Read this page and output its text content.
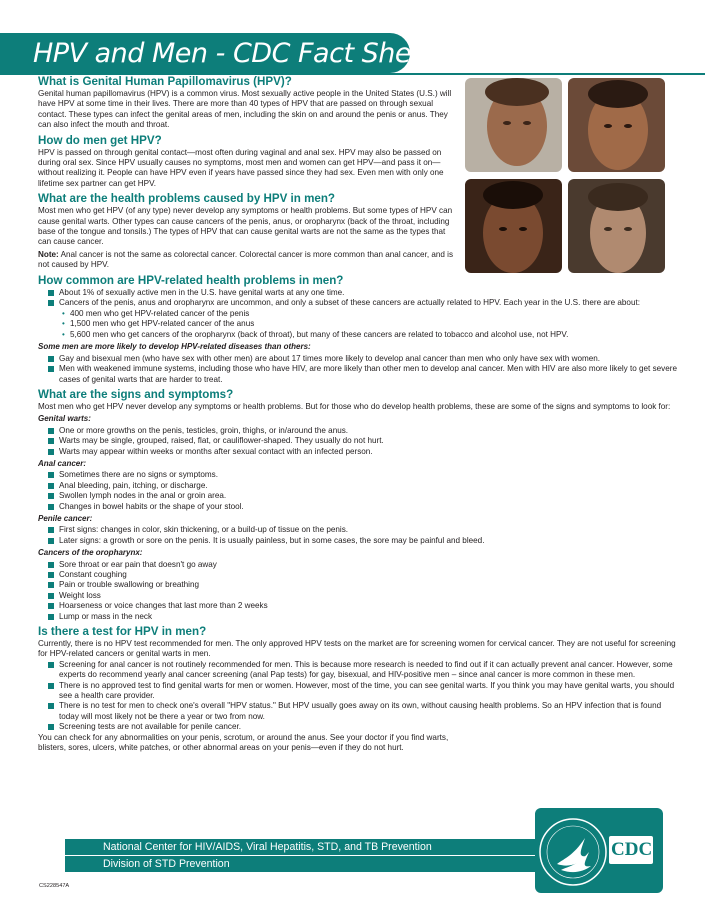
HPV and Men - CDC Fact Sheet
What is Genital Human Papillomavirus (HPV)?

Genital human papillomavirus (HPV) is a common virus. Most sexually active people in the United States (U.S.) will have HPV at some time in their lives. There are more than 40 types of HPV that are passed on through sexual contact. These types can infect the genital areas of men, including the skin on and around the penis or anus. They can also infect the mouth and throat.

How do men get HPV?

HPV is passed on through genital contact—most often during vaginal and anal sex. HPV may also be passed on during oral sex. Since HPV usually causes no symptoms, most men and women can get HPV—and pass it on—without realizing it. People can have HPV even if years have passed since they had sex. Even men with only one lifetime sex partner can get HPV.

What are the health problems caused by HPV in men?

Most men who get HPV (of any type) never develop any symptoms or health problems. But some types of HPV can cause genital warts. Other types can cause cancers of the penis, anus, or oropharynx (back of the throat, including base of the tongue and tonsils.) The types of HPV that can cause genital warts are not the same as the types that can cause cancer.

Note: Anal cancer is not the same as colorectal cancer. Colorectal cancer is more common than anal cancer, and is not caused by HPV.

How common are HPV-related health problems in men?
About 1% of sexually active men in the U.S. have genital warts at any one time.
Cancers of the penis, anus and oropharynx are uncommon, and only a subset of these cancers are actually related to HPV. Each year in the U.S. there are about:
• 400 men who get HPV-related cancer of the penis
• 1,500 men who get HPV-related cancer of the anus
• 5,600 men who get cancers of the oropharynx (back of throat), but many of these cancers are related to tobacco and alcohol use, not HPV.
Some men are more likely to develop HPV-related diseases than others:
Gay and bisexual men (who have sex with other men) are about 17 times more likely to develop anal cancer than men who only have sex with women.
Men with weakened immune systems, including those who have HIV, are more likely than other men to develop anal cancer. Men with HIV are also more likely to get severe cases of genital warts that are harder to treat.
What are the signs and symptoms?

Most men who get HPV never develop any symptoms or health problems. But for those who do develop health problems, these are some of the signs and symptoms to look for:

Genital warts:
One or more growths on the penis, testicles, groin, thighs, or in/around the anus.
Warts may be single, grouped, raised, flat, or cauliflower-shaped. They usually do not hurt.
Warts may appear within weeks or months after sexual contact with an infected person.
Anal cancer:
Sometimes there are no signs or symptoms.
Anal bleeding, pain, itching, or discharge.
Swollen lymph nodes in the anal or groin area.
Changes in bowel habits or the shape of your stool.
Penile cancer:
First signs: changes in color, skin thickening, or a build-up of tissue on the penis.
Later signs: a growth or sore on the penis. It is usually painless, but in some cases, the sore may be painful and bleed.
Cancers of the oropharynx:
Sore throat or ear pain that doesn't go away
Constant coughing
Pain or trouble swallowing or breathing
Weight loss
Hoarseness or voice changes that last more than 2 weeks
Lump or mass in the neck
Is there a test for HPV in men?

Currently, there is no HPV test recommended for men. The only approved HPV tests on the market are for screening women for cervical cancer. They are not useful for screening for HPV-related cancers or genital warts in men.

Screening for anal cancer is not routinely recommended for men. This is because more research is needed to find out if it can actually prevent anal cancer. However, some experts do recommend yearly anal cancer screening (anal Pap tests) for gay, bisexual, and HIV-positive men – since anal cancer is more common in these men.
There is no approved test to find genital warts for men or women. However, most of the time, you can see genital warts. If you think you may have genital warts, you should see a health care provider.
There is no test for men to check one's overall "HPV status." But HPV usually goes away on its own, without causing health problems. So an HPV infection that is found today will most likely not be there a year or two from now.
Screening tests are not available for penile cancer.

You can check for any abnormalities on your penis, scrotum, or around the anus. See your doctor if you find warts, blisters, sores, ulcers, white patches, or other abnormal areas on your penis—even if they do not hurt.

National Center for HIV/AIDS, Viral Hepatitis, STD, and TB Prevention
Division of STD Prevention
CDC
CS228547A
